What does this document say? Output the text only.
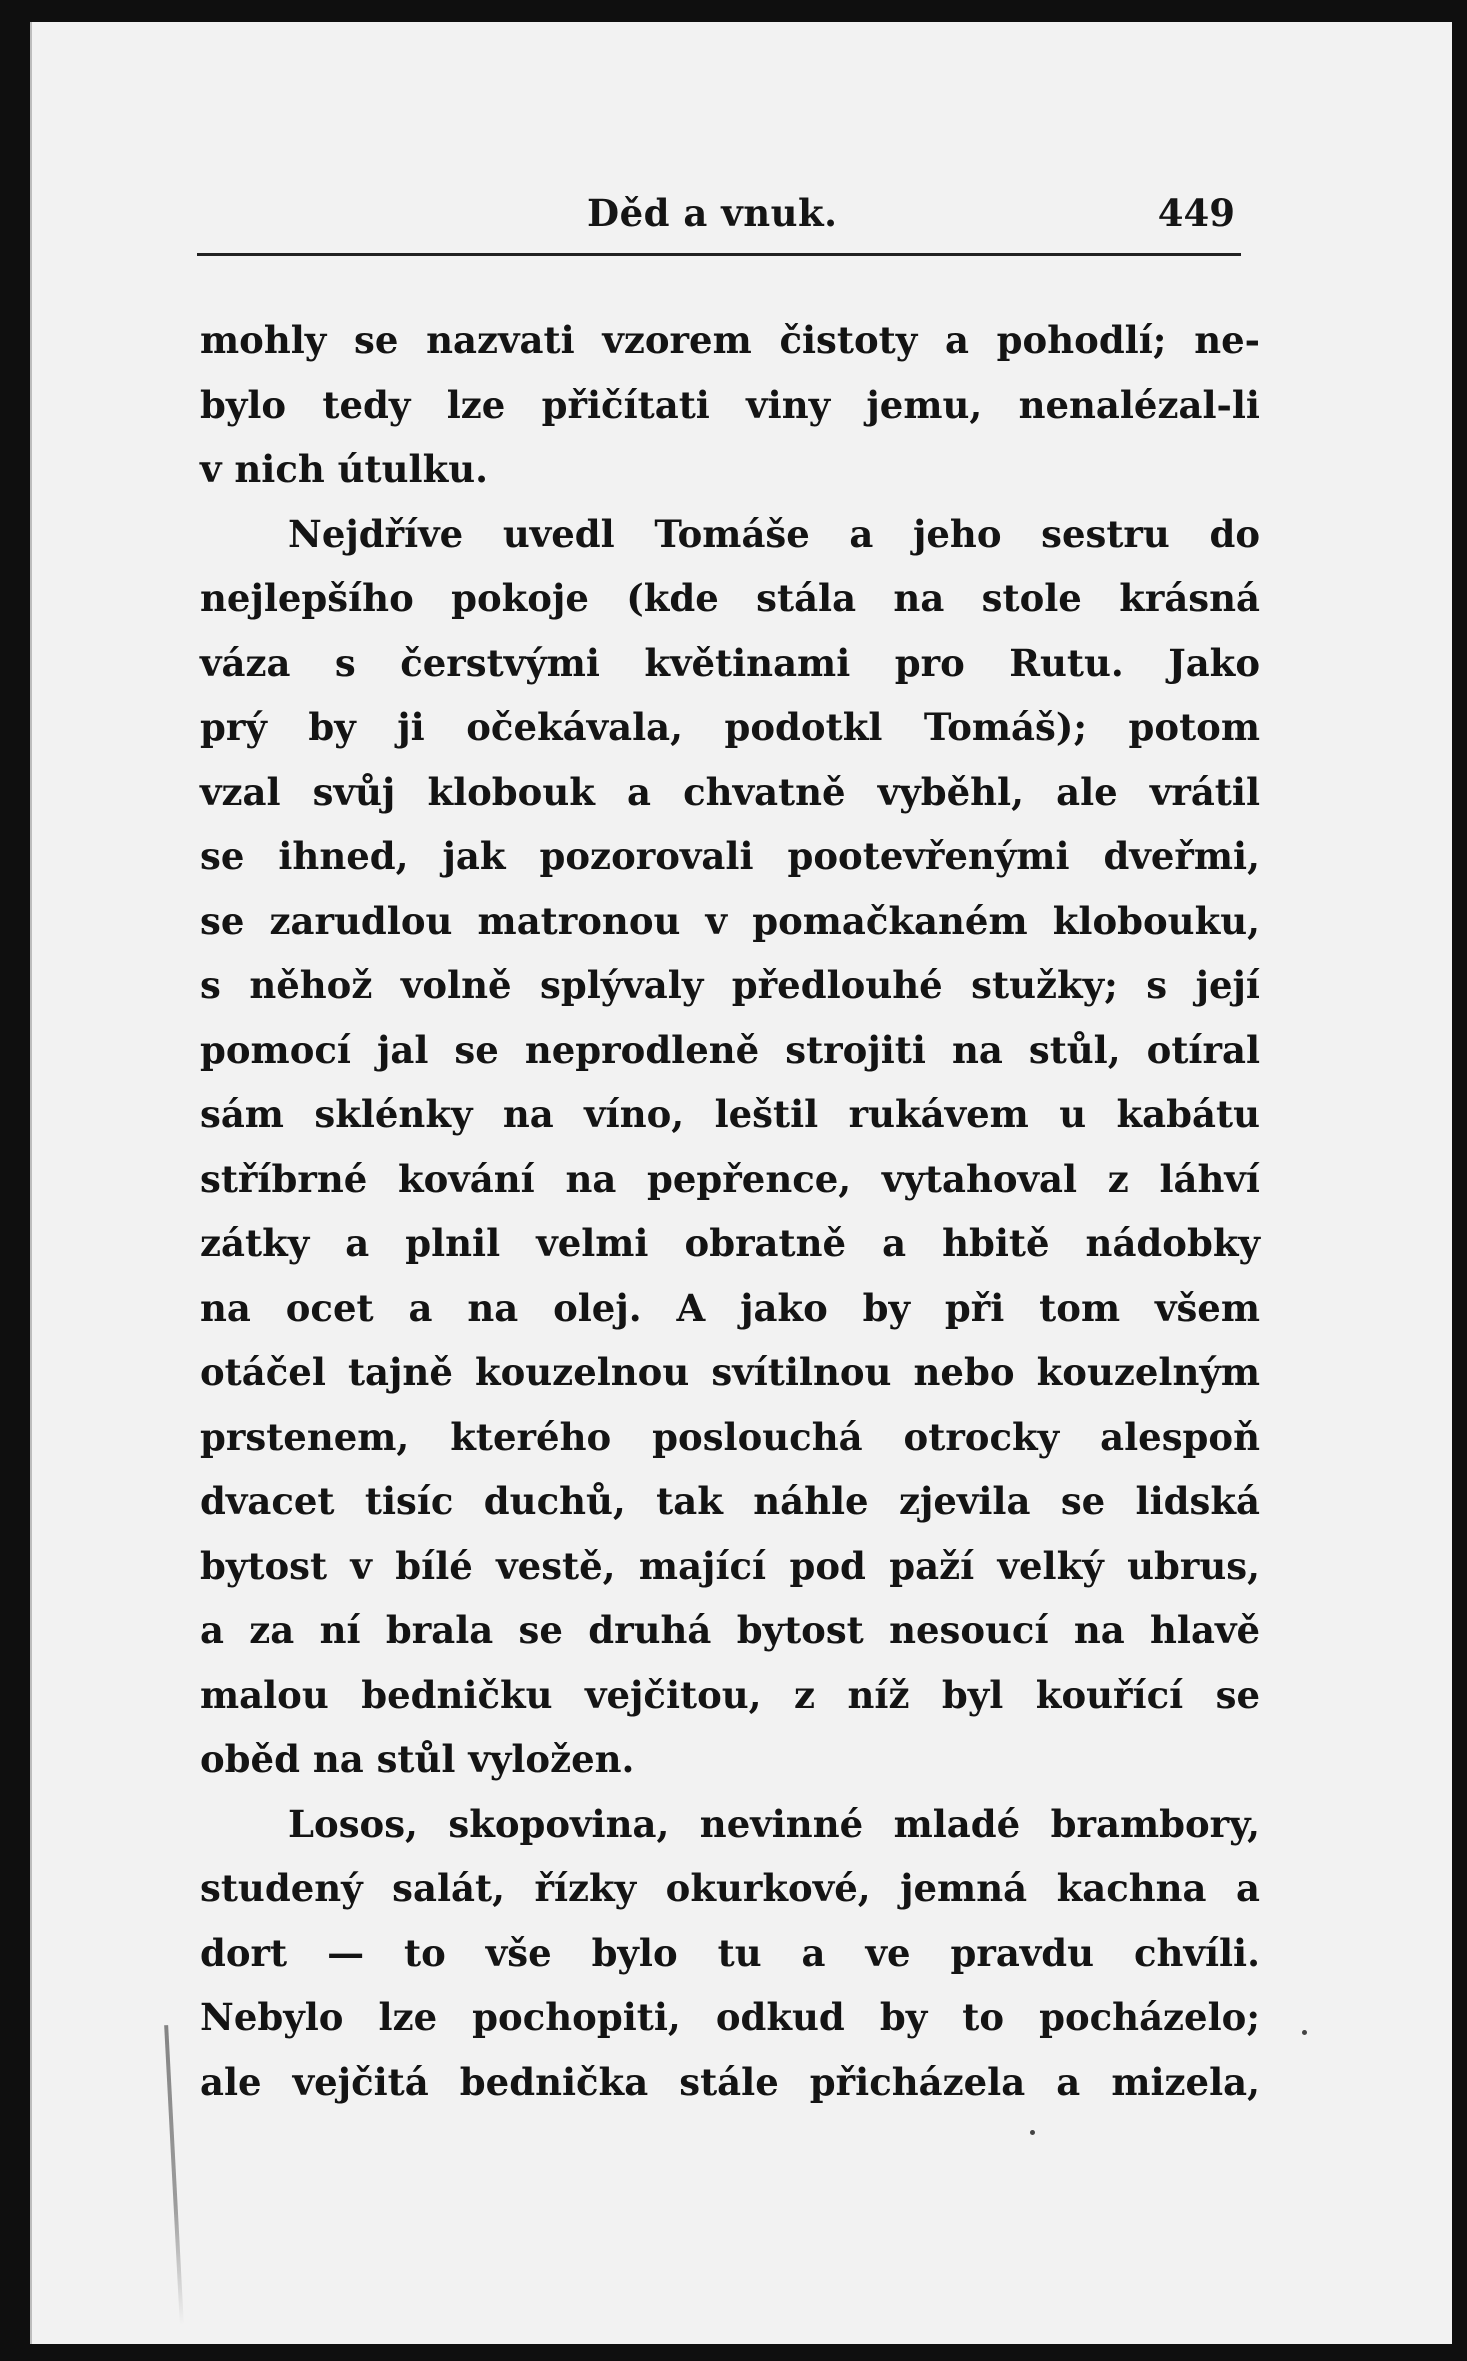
Děd a vnuk.	449
mohly se nazvati vzorem čistoty a pohodlí; ne-
bylo tedy lze přičítati viny jemu, nenalézal-li
v nich útulku.
Nejdříve uvedl Tomáše a jeho sestru do
nejlepšího pokoje (kde stála na stole krásná
váza s čerstvými květinami pro Rutu. Jako
prý by ji očekávala, podotkl Tomáš); potom
vzal svůj klobouk a chvatně vyběhl, ale vrátil
se ihned, jak pozorovali pootevřenými dveřmi,
se zarudlou matronou v pomačkaném klobouku,
s něhož volně splývaly předlouhé stužky; s její
pomocí jal se neprodleně strojiti na stůl, otíral
sám sklénky na víno, leštil rukávem u kabátu
stříbrné kování na pepřence, vytahoval z láhví
zátky a plnil velmi obratně a hbitě nádobky
na ocet a na olej. A jako by při tom všem
otáčel tajně kouzelnou svítilnou nebo kouzelným
prstenem, kterého poslouchá otrocky alespoň
dvacet tisíc duchů, tak náhle zjevila se lidská
bytost v bílé vestě, mající pod paží velký ubrus,
a za ní brala se druhá bytost nesoucí na hlavě
malou bedničku vejčitou, z níž byl kouřící se
oběd na stůl vyložen.
Losos, skopovina, nevinné mladé brambory,
studený salát, řízky okurkové, jemná kachna a
dort — to vše bylo tu a ve pravdu chvíli.
Nebylo lze pochopiti, odkud by to pocházelo;
ale vejčitá bednička stále přicházela a mizela,
